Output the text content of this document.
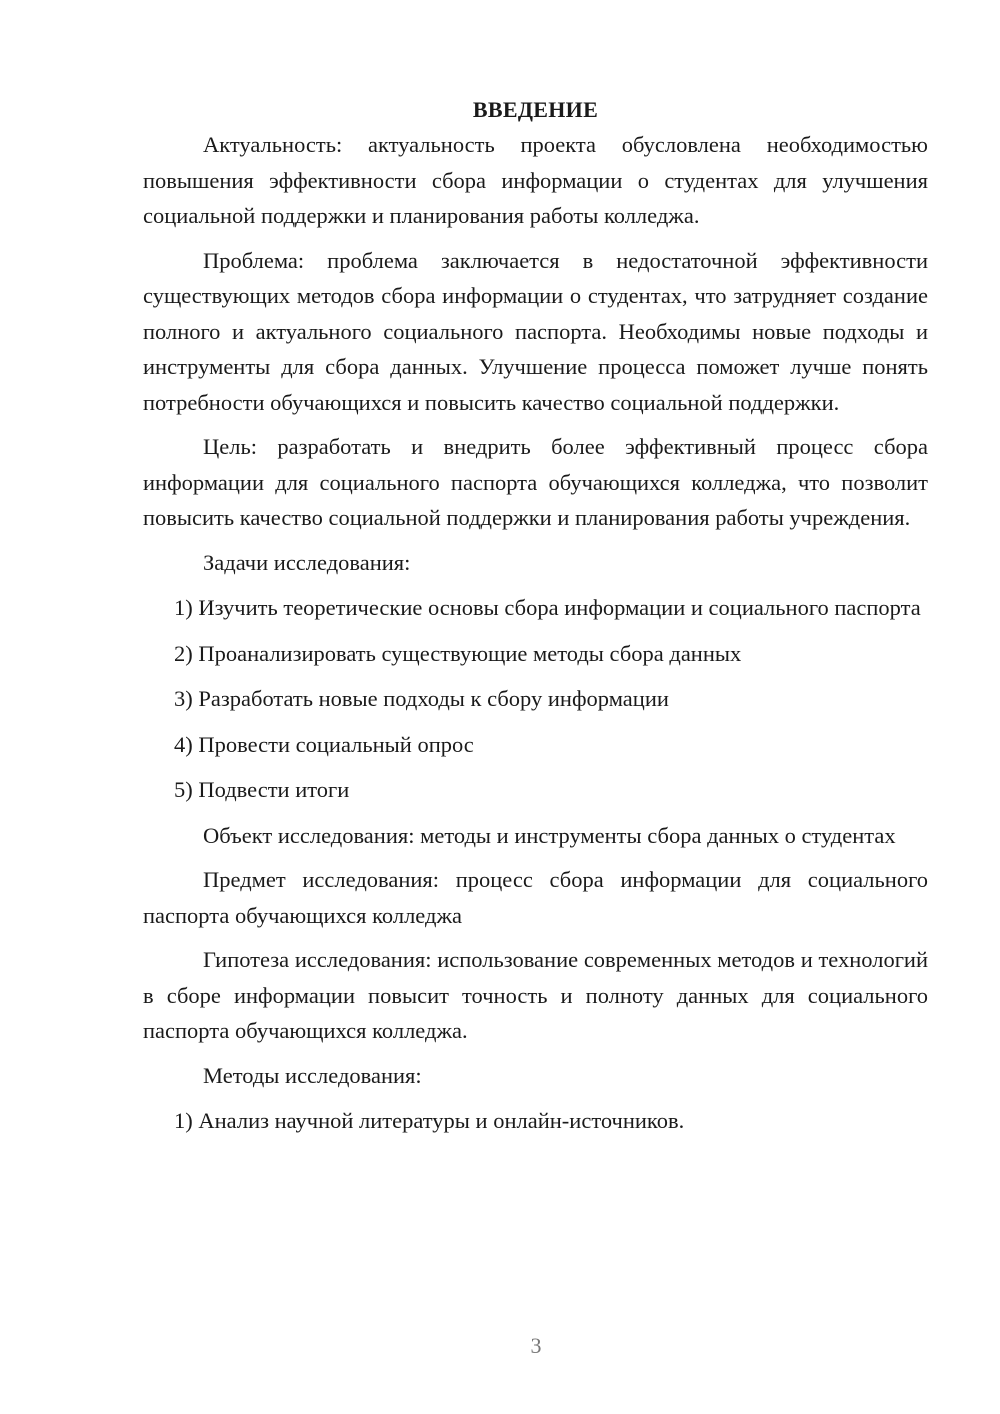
ВВЕДЕНИЕ

Актуальность: актуальность проекта обусловлена необходимостью повышения эффективности сбора информации о студентах для улучшения социальной поддержки и планирования работы колледжа.

Проблема: проблема заключается в недостаточной эффективности существующих методов сбора информации о студентах, что затрудняет создание полного и актуального социального паспорта. Необходимы новые подходы и инструменты для сбора данных. Улучшение процесса поможет лучше понять потребности обучающихся и повысить качество социальной поддержки.

Цель: разработать и внедрить более эффективный процесс сбора информации для социального паспорта обучающихся колледжа, что позволит повысить качество социальной поддержки и планирования работы учреждения.

Задачи исследования:

1) Изучить теоретические основы сбора информации и социального паспорта

2) Проанализировать существующие методы сбора данных

3) Разработать новые подходы к сбору информации

4) Провести социальный опрос

5) Подвести итоги

Объект исследования: методы и инструменты сбора данных о студентах

Предмет исследования: процесс сбора информации для социального паспорта обучающихся колледжа

Гипотеза исследования: использование современных методов и технологий в сборе информации повысит точность и полноту данных для социального паспорта обучающихся колледжа.

Методы исследования:

1) Анализ научной литературы и онлайн-источников.

3
